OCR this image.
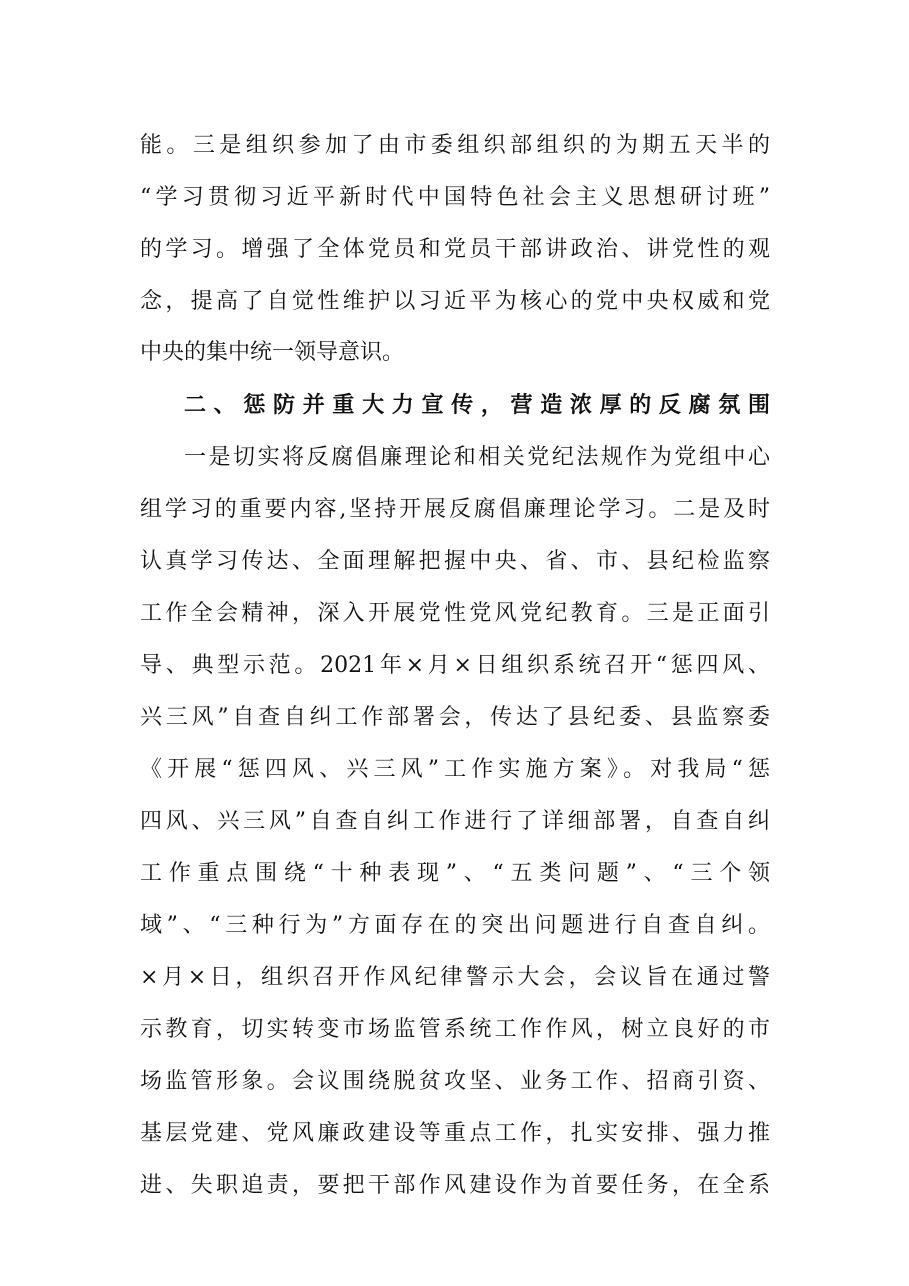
能。三是组织参加了由市委组织部组织的为期五天半的
“学习贯彻习近平新时代中国特色社会主义思想研讨班”
的学习。增强了全体党员和党员干部讲政治、讲党性的观
念，提高了自觉性维护以习近平为核心的党中央权威和党
中央的集中统一领导意识。
二、惩防并重大力宣传，营造浓厚的反腐氛围
一是切实将反腐倡廉理论和相关党纪法规作为党组中心
组学习的重要内容,坚持开展反腐倡廉理论学习。二是及时
认真学习传达、全面理解把握中央、省、市、县纪检监察
工作全会精神，深入开展党性党风党纪教育。三是正面引
导、典型示范。2021年×月×日组织系统召开“惩四风、
兴三风”自查自纠工作部署会，传达了县纪委、县监察委
《开展“惩四风、兴三风”工作实施方案》。对我局“惩
四风、兴三风”自查自纠工作进行了详细部署，自查自纠
工作重点围绕“十种表现”、“五类问题”、“三个领
域”、“三种行为”方面存在的突出问题进行自查自纠。
×月×日，组织召开作风纪律警示大会，会议旨在通过警
示教育，切实转变市场监管系统工作作风，树立良好的市
场监管形象。会议围绕脱贫攻坚、业务工作、招商引资、
基层党建、党风廉政建设等重点工作，扎实安排、强力推
进、失职追责，要把干部作风建设作为首要任务，在全系
